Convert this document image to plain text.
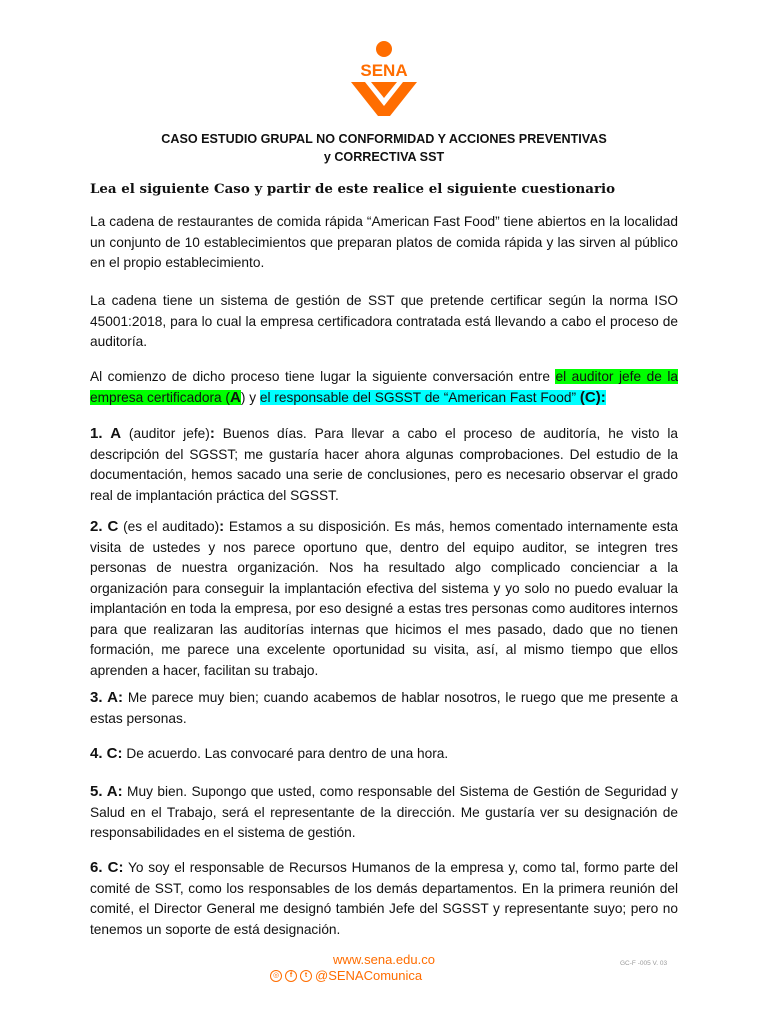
SENA
CASO ESTUDIO GRUPAL NO CONFORMIDAD Y ACCIONES PREVENTIVAS
y CORRECTIVA SST
Lea el siguiente Caso y partir de este realice el siguiente cuestionario
La cadena de restaurantes de comida rápida “American Fast Food” tiene abiertos en la localidad un conjunto de 10 establecimientos que preparan platos de comida rápida y las sirven al público en el propio establecimiento.
La cadena tiene un sistema de gestión de SST que pretende certificar según la norma ISO 45001:2018, para lo cual la empresa certificadora contratada está llevando a cabo el proceso de auditoría.
Al comienzo de dicho proceso tiene lugar la siguiente conversación entre el auditor jefe de la empresa certificadora (A) y el responsable del SGSST de “American Fast Food” (C):
1. A (auditor jefe): Buenos días. Para llevar a cabo el proceso de auditoría, he visto la descripción del SGSST; me gustaría hacer ahora algunas comprobaciones. Del estudio de la documentación, hemos sacado una serie de conclusiones, pero es necesario observar el grado real de implantación práctica del SGSST.
2. C (es el auditado): Estamos a su disposición. Es más, hemos comentado internamente esta visita de ustedes y nos parece oportuno que, dentro del equipo auditor, se integren tres personas de nuestra organización. Nos ha resultado algo complicado concienciar a la organización para conseguir la implantación efectiva del sistema y yo solo no puedo evaluar la implantación en toda la empresa, por eso designé a estas tres personas como auditores internos para que realizaran las auditorías internas que hicimos el mes pasado, dado que no tienen formación, me parece una excelente oportunidad su visita, así, al mismo tiempo que ellos aprenden a hacer, facilitan su trabajo.
3. A: Me parece muy bien; cuando acabemos de hablar nosotros, le ruego que me presente a estas personas.
4. C: De acuerdo. Las convocaré para dentro de una hora.
5. A: Muy bien. Supongo que usted, como responsable del Sistema de Gestión de Seguridad y Salud en el Trabajo, será el representante de la dirección. Me gustaría ver su designación de responsabilidades en el sistema de gestión.
6. C: Yo soy el responsable de Recursos Humanos de la empresa y, como tal, formo parte del comité de SST, como los responsables de los demás departamentos. En la primera reunión del comité, el Director General me designó también Jefe del SGSST y representante suyo; pero no tenemos un soporte de está designación.
www.sena.edu.co
◎	f	t @SENAComunica
GC-F -005 V. 03
